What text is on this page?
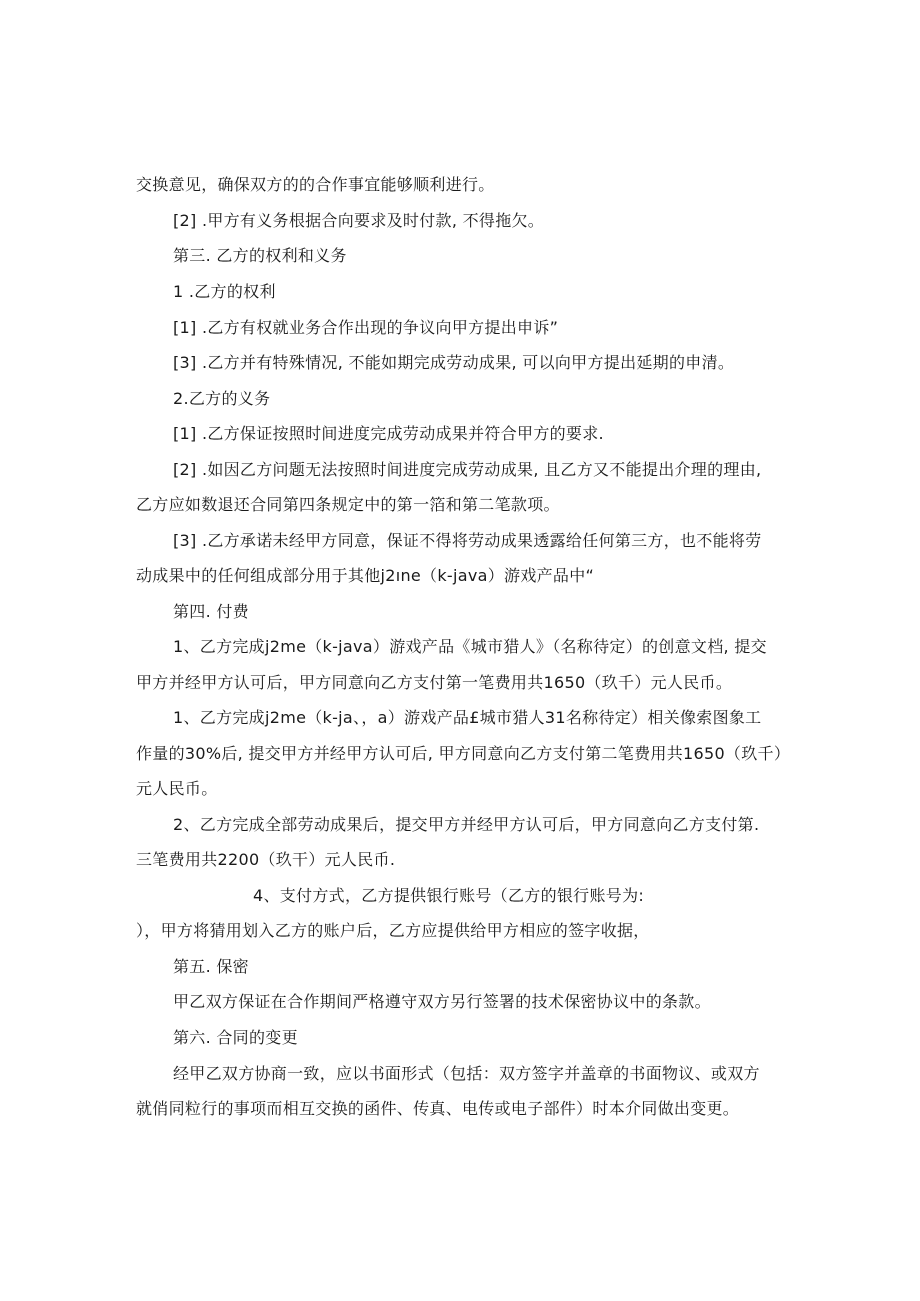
交换意见，确保双方的的合作事宜能够顺利进行。
[2] .甲方有义务根据合向要求及时付款, 不得拖欠。
第三. 乙方的权利和义务
1 .乙方的权利
[1] .乙方有权就业务合作出现的争议向甲方提出申诉”
[3] .乙方并有特殊情况, 不能如期完成劳动成果, 可以向甲方提出延期的申清。
2.乙方的义务
[1] .乙方保证按照时间进度完成劳动成果并符合甲方的要求.
[2] .如因乙方问题无法按照时间进度完成劳动成果, 且乙方又不能提出介理的理由,
乙方应如数退还合同第四条规定中的第一箔和第二笔款项。
[3] .乙方承诺未经甲方同意，保证不得将劳动成果透露给任何第三方，也不能将劳
动成果中的任何组成部分用于其他j2ıne（k-java）游戏产品中“
第四. 付费
1、乙方完成j2me（k-java）游戏产品《城市猎人》（名称待定）的创意文档, 提交
甲方并经甲方认可后，甲方同意向乙方支付第一笔费用共1650（玖千）元人民币。
1、乙方完成j2me（k-ja、，a）游戏产品£城市猎人31名称待定）相关像索图象工
作量的30%后, 提交甲方并经甲方认可后, 甲方同意向乙方支付第二笔费用共1650（玖千）
元人民币。
2、乙方完成全部劳动成果后，提交甲方并经甲方认可后，甲方同意向乙方支付第.
三笔费用共2200（玖干）元人民币.
4、支付方式，乙方提供银行账号（乙方的银行账号为:
），甲方将猜用划入乙方的账户后，乙方应提供给甲方相应的签字收据，
第五. 保密
甲乙双方保证在合作期间严格遵守双方另行签署的技术保密协议中的条款。
第六. 合同的变更
经甲乙双方协商一致，应以书面形式（包括：双方签字并盖章的书面物议、或双方
就俏同粒行的事项而相互交换的函件、传真、电传或电子部件）时本介同做出变更。
